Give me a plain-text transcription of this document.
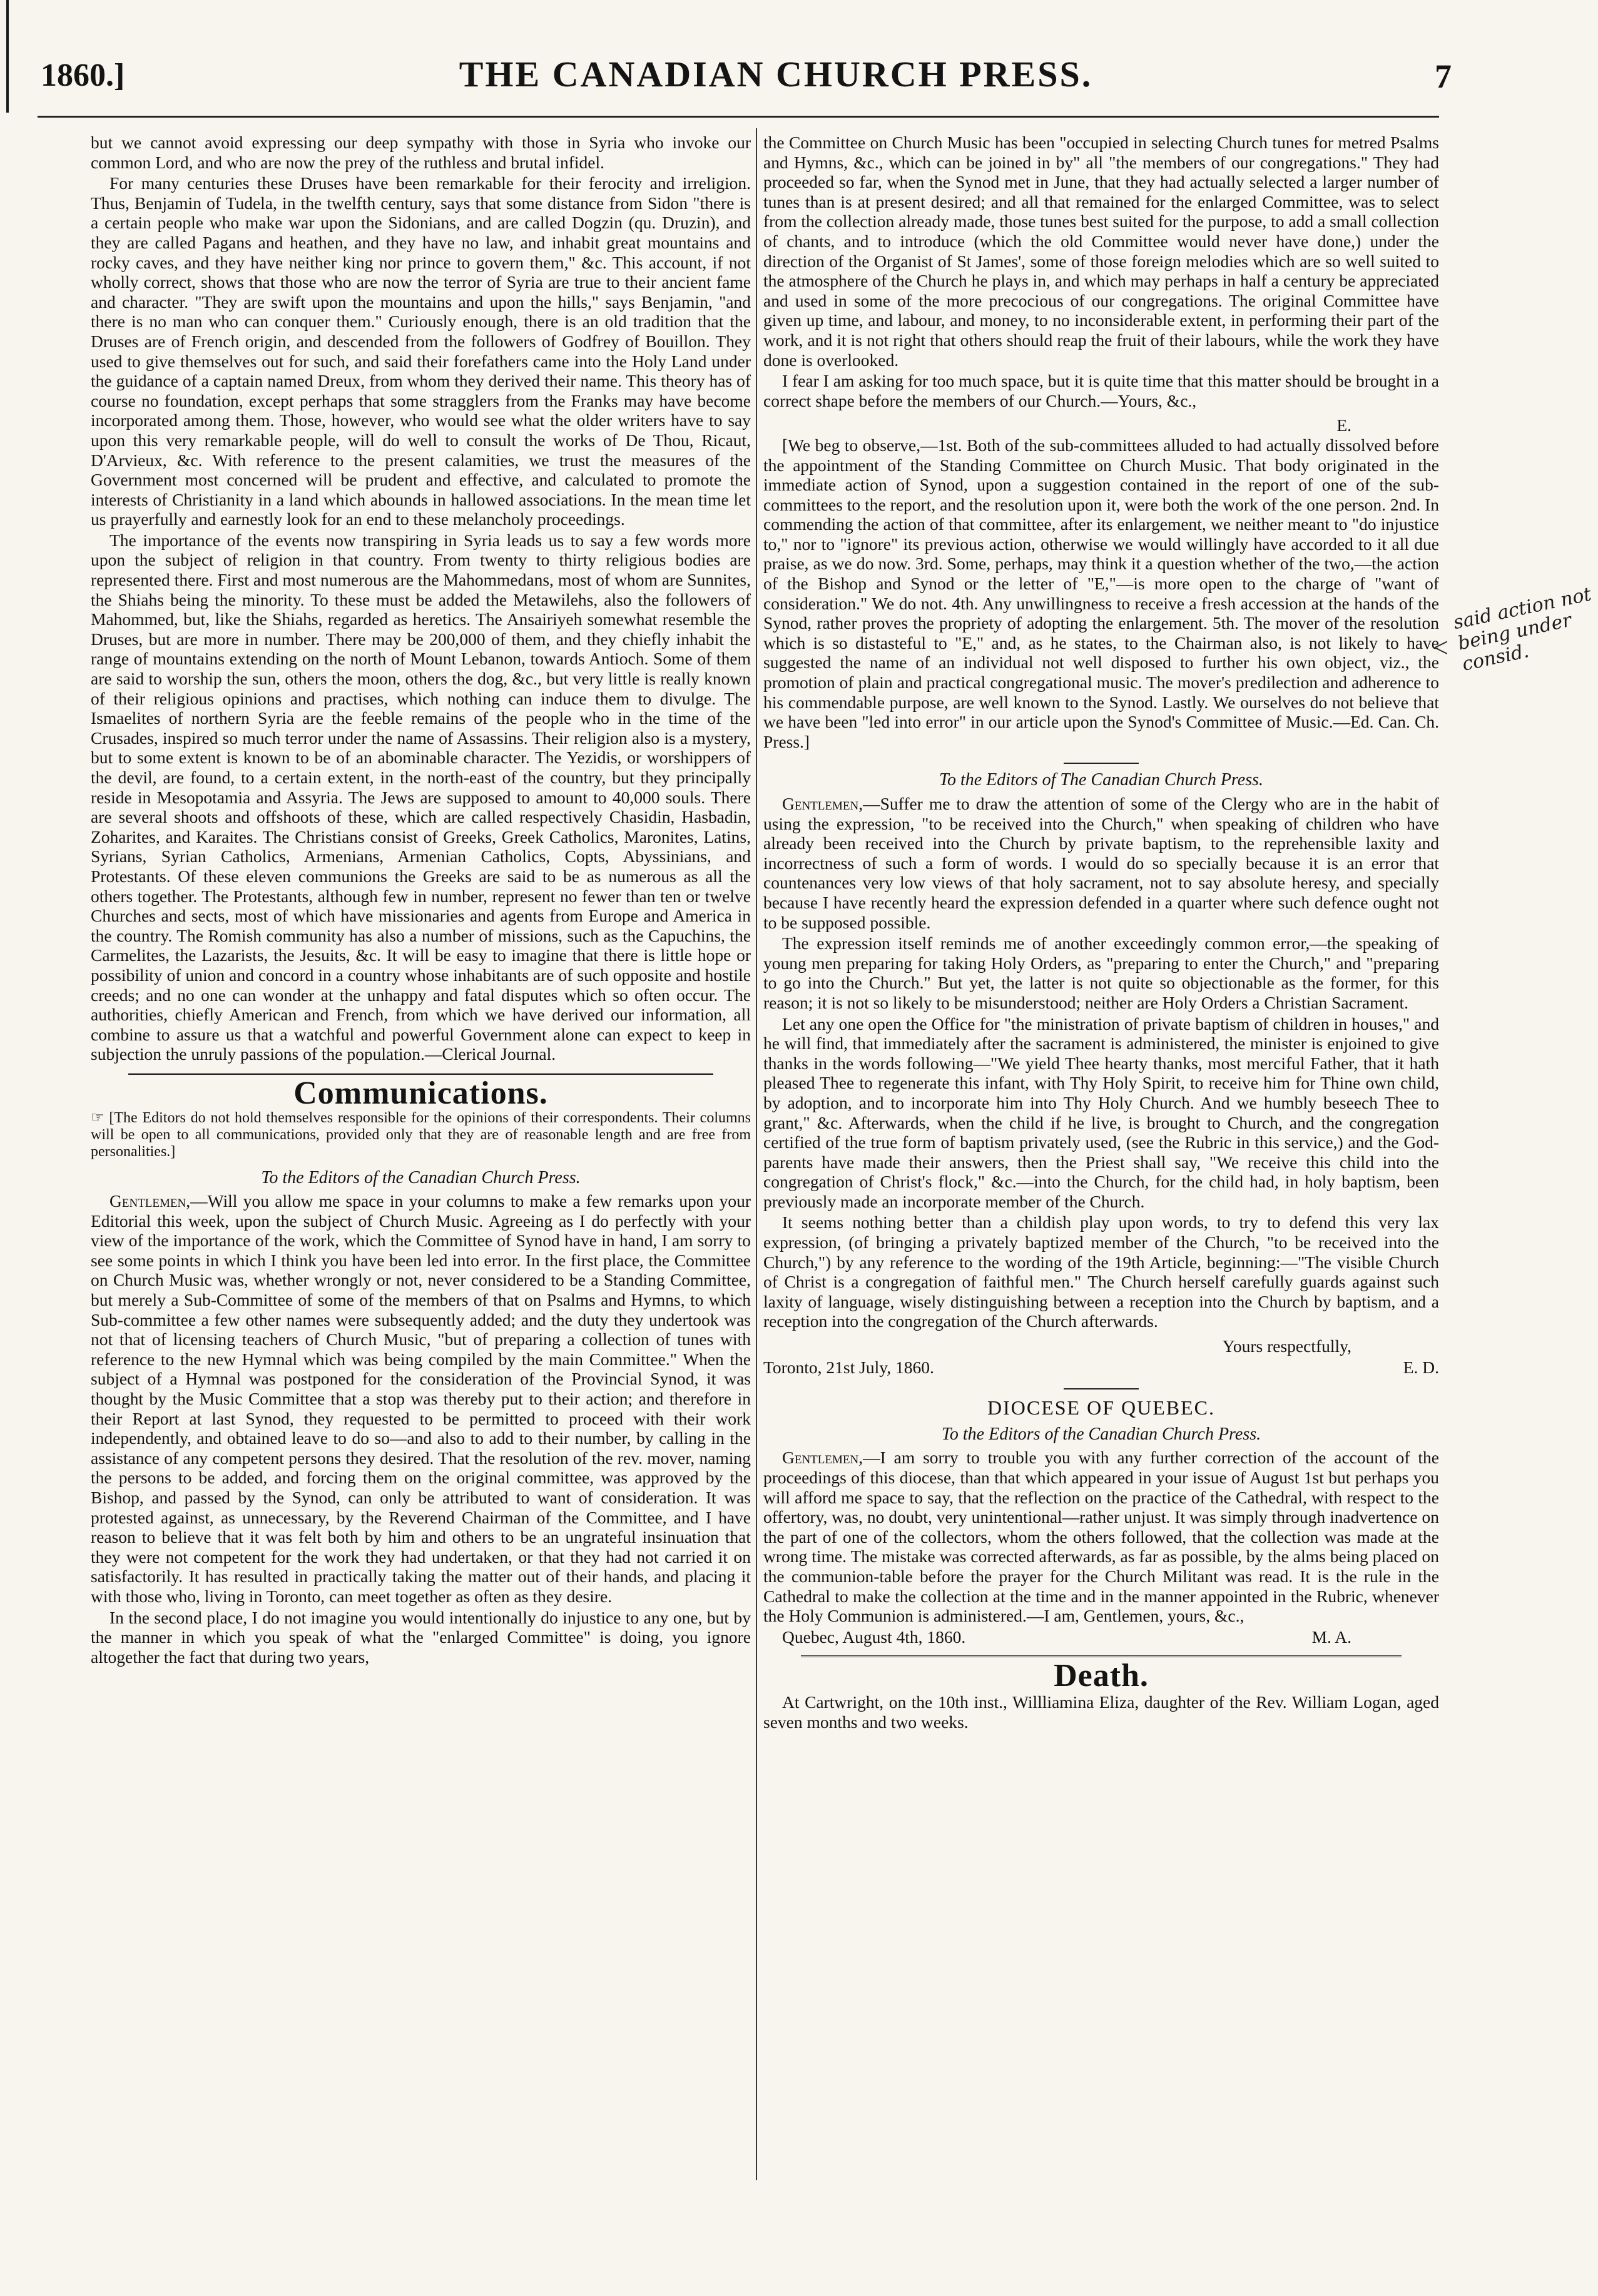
1860.]	THE CANADIAN CHURCH PRESS.	7

but we cannot avoid expressing our deep sympathy with those in Syria who invoke our common Lord, and who are now the prey of the ruthless and brutal infidel.

For many centuries these Druses have been remarkable for their ferocity and irreligion. Thus, Benjamin of Tudela, in the twelfth century, says that some distance from Sidon "there is a certain people who make war upon the Sidonians, and are called Dogzin (qu. Druzin), and they are called Pagans and heathen, and they have no law, and inhabit great mountains and rocky caves, and they have neither king nor prince to govern them," &c. This account, if not wholly correct, shows that those who are now the terror of Syria are true to their ancient fame and character. "They are swift upon the mountains and upon the hills," says Benjamin, "and there is no man who can conquer them." Curiously enough, there is an old tradition that the Druses are of French origin, and descended from the followers of Godfrey of Bouillon. They used to give themselves out for such, and said their forefathers came into the Holy Land under the guidance of a captain named Dreux, from whom they derived their name. This theory has of course no foundation, except perhaps that some stragglers from the Franks may have become incorporated among them. Those, however, who would see what the older writers have to say upon this very remarkable people, will do well to consult the works of De Thou, Ricaut, D'Arvieux, &c. With reference to the present calamities, we trust the measures of the Government most concerned will be prudent and effective, and calculated to promote the interests of Christianity in a land which abounds in hallowed associations. In the mean time let us prayerfully and earnestly look for an end to these melancholy proceedings.

The importance of the events now transpiring in Syria leads us to say a few words more upon the subject of religion in that country. From twenty to thirty religious bodies are represented there. First and most numerous are the Mahommedans, most of whom are Sunnites, the Shiahs being the minority. To these must be added the Metawilehs, also the followers of Mahommed, but, like the Shiahs, regarded as heretics. The Ansairiyeh somewhat resemble the Druses, but are more in number. There may be 200,000 of them, and they chiefly inhabit the range of mountains extending on the north of Mount Lebanon, towards Antioch. Some of them are said to worship the sun, others the moon, others the dog, &c., but very little is really known of their religious opinions and practises, which nothing can induce them to divulge. The Ismaelites of northern Syria are the feeble remains of the people who in the time of the Crusades, inspired so much terror under the name of Assassins. Their religion also is a mystery, but to some extent is known to be of an abominable character. The Yezidis, or worshippers of the devil, are found, to a certain extent, in the north-east of the country, but they principally reside in Mesopotamia and Assyria. The Jews are supposed to amount to 40,000 souls. There are several shoots and offshoots of these, which are called respectively Chasidin, Hasbadin, Zoharites, and Karaites. The Christians consist of Greeks, Greek Catholics, Maronites, Latins, Syrians, Syrian Catholics, Armenians, Armenian Catholics, Copts, Abyssinians, and Protestants. Of these eleven communions the Greeks are said to be as numerous as all the others together. The Protestants, although few in number, represent no fewer than ten or twelve Churches and sects, most of which have missionaries and agents from Europe and America in the country. The Romish community has also a number of missions, such as the Capuchins, the Carmelites, the Lazarists, the Jesuits, &c. It will be easy to imagine that there is little hope or possibility of union and concord in a country whose inhabitants are of such opposite and hostile creeds; and no one can wonder at the unhappy and fatal disputes which so often occur. The authorities, chiefly American and French, from which we have derived our information, all combine to assure us that a watchful and powerful Government alone can expect to keep in subjection the unruly passions of the population.—Clerical Journal.

Communications.
☞ [The Editors do not hold themselves responsible for the opinions of their correspondents. Their columns will be open to all communications, provided only that they are of reasonable length and are free from personalities.]
To the Editors of the Canadian Church Press.

Gentlemen,—Will you allow me space in your columns to make a few remarks upon your Editorial this week, upon the subject of Church Music. Agreeing as I do perfectly with your view of the importance of the work, which the Committee of Synod have in hand, I am sorry to see some points in which I think you have been led into error. In the first place, the Committee on Church Music was, whether wrongly or not, never considered to be a Standing Committee, but merely a Sub-Committee of some of the members of that on Psalms and Hymns, to which Sub-committee a few other names were subsequently added; and the duty they undertook was not that of licensing teachers of Church Music, "but of preparing a collection of tunes with reference to the new Hymnal which was being compiled by the main Committee." When the subject of a Hymnal was postponed for the consideration of the Provincial Synod, it was thought by the Music Committee that a stop was thereby put to their action; and therefore in their Report at last Synod, they requested to be permitted to proceed with their work independently, and obtained leave to do so—and also to add to their number, by calling in the assistance of any competent persons they desired. That the resolution of the rev. mover, naming the persons to be added, and forcing them on the original committee, was approved by the Bishop, and passed by the Synod, can only be attributed to want of consideration. It was protested against, as unnecessary, by the Reverend Chairman of the Committee, and I have reason to believe that it was felt both by him and others to be an ungrateful insinuation that they were not competent for the work they had undertaken, or that they had not carried it on satisfactorily. It has resulted in practically taking the matter out of their hands, and placing it with those who, living in Toronto, can meet together as often as they desire.

In the second place, I do not imagine you would intentionally do injustice to any one, but by the manner in which you speak of what the "enlarged Committee" is doing, you ignore altogether the fact that during two years,

the Committee on Church Music has been "occupied in selecting Church tunes for metred Psalms and Hymns, &c., which can be joined in by" all "the members of our congregations." They had proceeded so far, when the Synod met in June, that they had actually selected a larger number of tunes than is at present desired; and all that remained for the enlarged Committee, was to select from the collection already made, those tunes best suited for the purpose, to add a small collection of chants, and to introduce (which the old Committee would never have done,) under the direction of the Organist of St James', some of those foreign melodies which are so well suited to the atmosphere of the Church he plays in, and which may perhaps in half a century be appreciated and used in some of the more precocious of our congregations. The original Committee have given up time, and labour, and money, to no inconsiderable extent, in performing their part of the work, and it is not right that others should reap the fruit of their labours, while the work they have done is overlooked.

I fear I am asking for too much space, but it is quite time that this matter should be brought in a correct shape before the members of our Church.—Yours, &c.,

E.

[We beg to observe,—1st. Both of the sub-committees alluded to had actually dissolved before the appointment of the Standing Committee on Church Music. That body originated in the immediate action of Synod, upon a suggestion contained in the report of one of the sub-committees to the report, and the resolution upon it, were both the work of the one person. 2nd. In commending the action of that committee, after its enlargement, we neither meant to "do injustice to," nor to "ignore" its previous action, otherwise we would willingly have accorded to it all due praise, as we do now. 3rd. Some, perhaps, may think it a question whether of the two,—the action of the Bishop and Synod or the letter of "E,"—is more open to the charge of "want of consideration." We do not. 4th. Any unwillingness to receive a fresh accession at the hands of the Synod, rather proves the propriety of adopting the enlargement. 5th. The mover of the resolution which is so distasteful to "E," and, as he states, to the Chairman also, is not likely to have suggested the name of an individual not well disposed to further his own object, viz., the promotion of plain and practical congregational music. The mover's predilection and adherence to his commendable purpose, are well known to the Synod. Lastly. We ourselves do not believe that we have been "led into error" in our article upon the Synod's Committee of Music.—Ed. Can. Ch. Press.]

To the Editors of The Canadian Church Press.

Gentlemen,—Suffer me to draw the attention of some of the Clergy who are in the habit of using the expression, "to be received into the Church," when speaking of children who have already been received into the Church by private baptism, to the reprehensible laxity and incorrectness of such a form of words. I would do so specially because it is an error that countenances very low views of that holy sacrament, not to say absolute heresy, and specially because I have recently heard the expression defended in a quarter where such defence ought not to be supposed possible.

The expression itself reminds me of another exceedingly common error,—the speaking of young men preparing for taking Holy Orders, as "preparing to enter the Church," and "preparing to go into the Church." But yet, the latter is not quite so objectionable as the former, for this reason; it is not so likely to be misunderstood; neither are Holy Orders a Christian Sacrament.

Let any one open the Office for "the ministration of private baptism of children in houses," and he will find, that immediately after the sacrament is administered, the minister is enjoined to give thanks in the words following—"We yield Thee hearty thanks, most merciful Father, that it hath pleased Thee to regenerate this infant, with Thy Holy Spirit, to receive him for Thine own child, by adoption, and to incorporate him into Thy Holy Church. And we humbly beseech Thee to grant," &c. Afterwards, when the child if he live, is brought to Church, and the congregation certified of the true form of baptism privately used, (see the Rubric in this service,) and the God-parents have made their answers, then the Priest shall say, "We receive this child into the congregation of Christ's flock," &c.—into the Church, for the child had, in holy baptism, been previously made an incorporate member of the Church.

It seems nothing better than a childish play upon words, to try to defend this very lax expression, (of bringing a privately baptized member of the Church, "to be received into the Church,") by any reference to the wording of the 19th Article, beginning:—"The visible Church of Christ is a congregation of faithful men." The Church herself carefully guards against such laxity of language, wisely distinguishing between a reception into the Church by baptism, and a reception into the congregation of the Church afterwards.

Yours respectfully,
Toronto, 21st July, 1860.	E. D.
DIOCESE OF QUEBEC.
To the Editors of the Canadian Church Press.

Gentlemen,—I am sorry to trouble you with any further correction of the account of the proceedings of this diocese, than that which appeared in your issue of August 1st but perhaps you will afford me space to say, that the reflection on the practice of the Cathedral, with respect to the offertory, was, no doubt, very unintentional—rather unjust. It was simply through inadvertence on the part of one of the collectors, whom the others followed, that the collection was made at the wrong time. The mistake was corrected afterwards, as far as possible, by the alms being placed on the communion-table before the prayer for the Church Militant was read. It is the rule in the Cathedral to make the collection at the time and in the manner appointed in the Rubric, whenever the Holy Communion is administered.—I am, Gentlemen, yours, &c.,

Quebec, August 4th, 1860.	M. A.
Death.

At Cartwright, on the 10th inst., Willliamina Eliza, daughter of the Rev. William Logan, aged seven months and two weeks.

<
said action not being under consid.
